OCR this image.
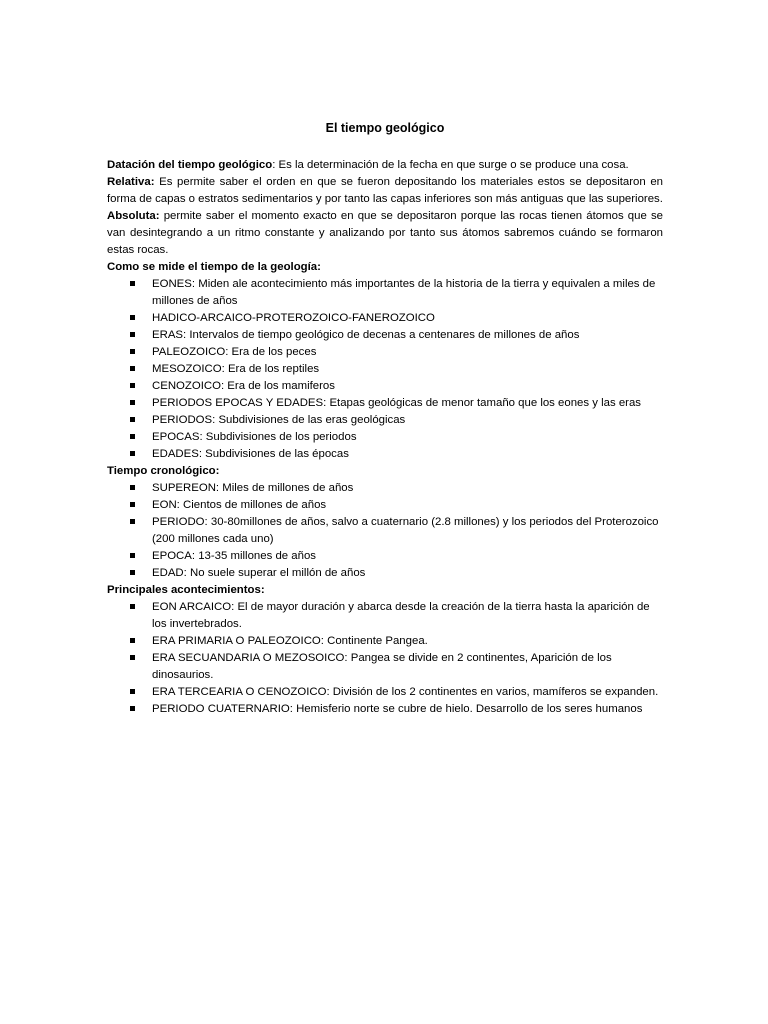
El tiempo geológico

Datación del tiempo geológico: Es la determinación de la fecha en que surge o se produce una cosa.

Relativa: Es permite saber el orden en que se fueron depositando los materiales estos se depositaron en forma de capas o estratos sedimentarios y por tanto las capas inferiores son más antiguas que las superiores.

Absoluta: permite saber el momento exacto en que se depositaron porque las rocas tienen átomos que se van desintegrando a un ritmo constante y analizando por tanto sus átomos sabremos cuándo se formaron estas rocas.

Como se mide el tiempo de la geología:

EONES: Miden ale acontecimiento más importantes de la historia de la tierra y equivalen a miles de millones de años
HADICO-ARCAICO-PROTEROZOICO-FANEROZOICO
ERAS: Intervalos de tiempo geológico de decenas a centenares de millones de años
PALEOZOICO: Era de los peces
MESOZOICO: Era de los reptiles
CENOZOICO: Era de los mamiferos
PERIODOS EPOCAS Y EDADES: Etapas geológicas de menor tamaño que los eones y las eras
PERIODOS: Subdivisiones de las eras geológicas
EPOCAS: Subdivisiones de los periodos
EDADES: Subdivisiones de las épocas

Tiempo cronológico:

SUPEREON: Miles de millones de años
EON: Cientos de millones de años
PERIODO: 30-80millones de años, salvo a cuaternario (2.8 millones) y los periodos del Proterozoico (200 millones cada uno)
EPOCA: 13-35 millones de años
EDAD: No suele superar el millón de años

Principales acontecimientos:

EON ARCAICO: El de mayor duración y abarca desde la creación de la tierra hasta la aparición de los invertebrados.
ERA PRIMARIA O PALEOZOICO: Continente Pangea.
ERA SECUANDARIA O MEZOSOICO: Pangea se divide en 2 continentes, Aparición de los dinosaurios.
ERA TERCEARIA O CENOZOICO: División de los 2 continentes en varios, mamíferos se expanden.
PERIODO CUATERNARIO: Hemisferio norte se cubre de hielo. Desarrollo de los seres humanos
